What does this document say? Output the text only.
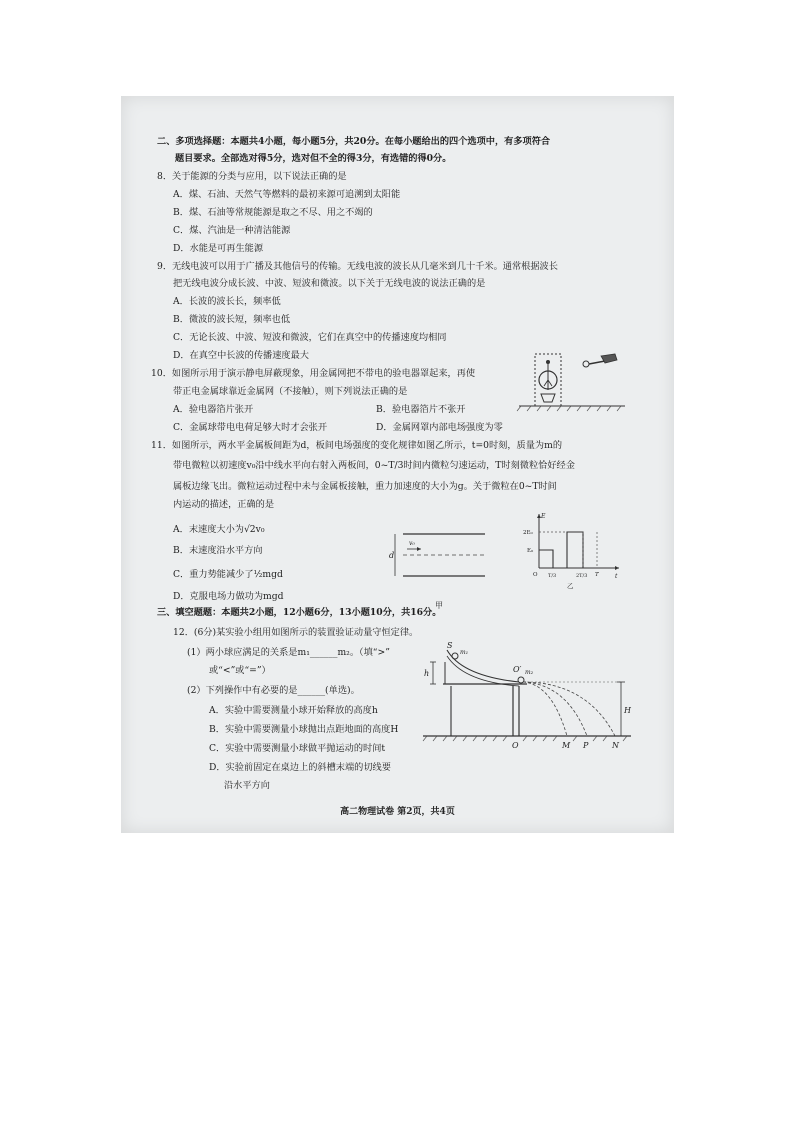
二、多项选择题：本题共4小题，每小题5分，共20分。在每小题给出的四个选项中，有多项符合
题目要求。全部选对得5分，选对但不全的得3分，有选错的得0分。
8．关于能源的分类与应用，以下说法正确的是
A．煤、石油、天然气等燃料的最初来源可追溯到太阳能
B．煤、石油等常规能源是取之不尽、用之不竭的
C．煤、汽油是一种清洁能源
D．水能是可再生能源
9．无线电波可以用于广播及其他信号的传输。无线电波的波长从几毫米到几十千米。通常根据波长
把无线电波分成长波、中波、短波和微波。以下关于无线电波的说法正确的是
A．长波的波长长，频率低
B．微波的波长短，频率也低
C．无论长波、中波、短波和微波，它们在真空中的传播速度均相同
D．在真空中长波的传播速度最大
10．如图所示用于演示静电屏蔽现象，用金属网把不带电的验电器罩起来，再使
带正电金属球靠近金属网（不接触），则下列说法正确的是
A．验电器箔片张开	B．验电器箔片不张开
C．金属球带电电荷足够大时才会张开	D．金属网罩内部电场强度为零
11．如图所示，两水平金属板间距为d，板间电场强度的变化规律如图乙所示，t=0时刻，质量为m的
带电微粒以初速度v₀沿中线水平向右射入两板间，0~T/3时间内微粒匀速运动，T时刻微粒恰好经金
属板边缘飞出。微粒运动过程中未与金属板接触，重力加速度的大小为g。关于微粒在0~T时间
内运动的描述，正确的是
A．末速度大小为√2v₀
B．末速度沿水平方向
C．重力势能减少了½mgd
D．克服电场力做功为mgd
d
v₀
甲
E
t
2E₀
E₀
O T/3	2T/3 T
乙
三、填空题题：本题共2小题，12小题6分，13小题10分，共16分。
12．(6分)某实验小组用如图所示的装置验证动量守恒定律。
(1）两小球应满足的关系是m₁______m₂。（填“>”
或“<”或“=”）
(2）下列操作中有必要的是______(单选)。
A．实验中需要测量小球开始释放的高度h
B．实验中需要测量小球抛出点距地面的高度H
C．实验中需要测量小球做平抛运动的时间t
D．实验前固定在桌边上的斜槽末端的切线要
沿水平方向
S
m₁
O′ m₂
h
H
O	M P	N
高二物理试卷 第2页，共4页
